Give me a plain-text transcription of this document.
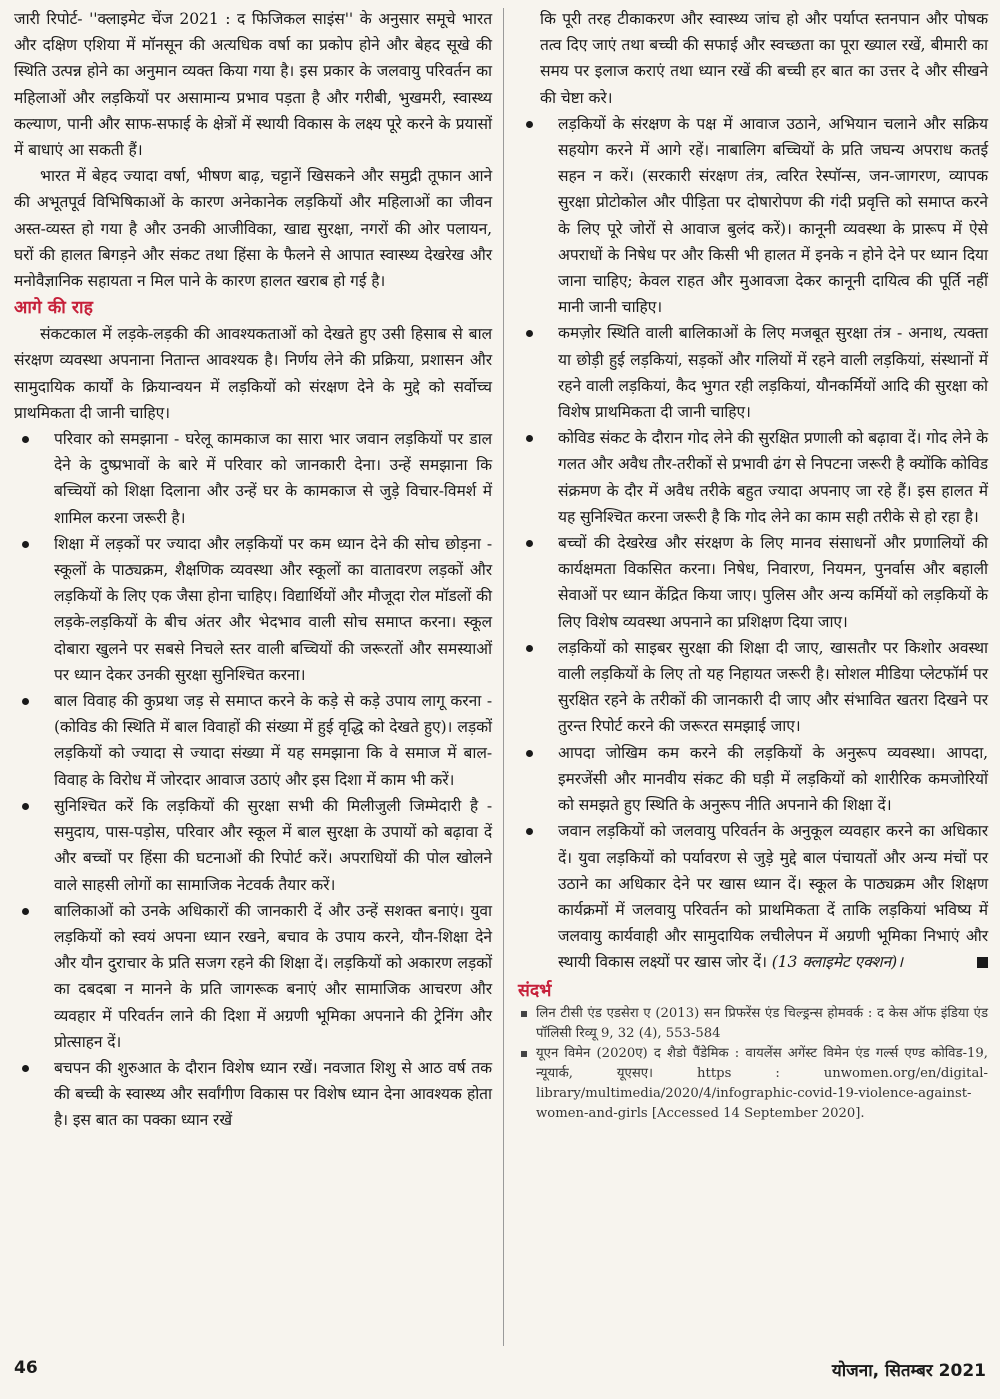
जारी रिपोर्ट- ''क्लाइमेट चेंज 2021 : द फिजिकल साइंस'' के अनुसार समूचे भारत और दक्षिण एशिया में मॉनसून की अत्यधिक वर्षा का प्रकोप होने और बेहद सूखे की स्थिति उत्पन्न होने का अनुमान व्यक्त किया गया है। इस प्रकार के जलवायु परिवर्तन का महिलाओं और लड़कियों पर असामान्य प्रभाव पड़ता है और गरीबी, भुखमरी, स्वास्थ्य कल्याण, पानी और साफ-सफाई के क्षेत्रों में स्थायी विकास के लक्ष्य पूरे करने के प्रयासों में बाधाएं आ सकती हैं।

भारत में बेहद ज्यादा वर्षा, भीषण बाढ़, चट्टानें खिसकने और समुद्री तूफान आने की अभूतपूर्व विभिषिकाओं के कारण अनेकानेक लड़कियों और महिलाओं का जीवन अस्त-व्यस्त हो गया है और उनकी आजीविका, खाद्य सुरक्षा, नगरों की ओर पलायन, घरों की हालत बिगड़ने और संकट तथा हिंसा के फैलने से आपात स्वास्थ्य देखरेख और मनोवैज्ञानिक सहायता न मिल पाने के कारण हालत खराब हो गई है।

आगे की राह

संकटकाल में लड़के-लड़की की आवश्यकताओं को देखते हुए उसी हिसाब से बाल संरक्षण व्यवस्था अपनाना नितान्त आवश्यक है। निर्णय लेने की प्रक्रिया, प्रशासन और सामुदायिक कार्यों के क्रियान्वयन में लड़कियों को संरक्षण देने के मुद्दे को सर्वोच्च प्राथमिकता दी जानी चाहिए।

परिवार को समझाना - घरेलू कामकाज का सारा भार जवान लड़कियों पर डाल देने के दुष्प्रभावों के बारे में परिवार को जानकारी देना। उन्हें समझाना कि बच्चियों को शिक्षा दिलाना और उन्हें घर के कामकाज से जुड़े विचार-विमर्श में शामिल करना जरूरी है।
शिक्षा में लड़कों पर ज्यादा और लड़कियों पर कम ध्यान देने की सोच छोड़ना - स्कूलों के पाठ्यक्रम, शैक्षणिक व्यवस्था और स्कूलों का वातावरण लड़कों और लड़कियों के लिए एक जैसा होना चाहिए। विद्यार्थियों और मौजूदा रोल मॉडलों की लड़के-लड़कियों के बीच अंतर और भेदभाव वाली सोच समाप्त करना। स्कूल दोबारा खुलने पर सबसे निचले स्तर वाली बच्चियों की जरूरतों और समस्याओं पर ध्यान देकर उनकी सुरक्षा सुनिश्चित करना।
बाल विवाह की कुप्रथा जड़ से समाप्त करने के कड़े से कड़े उपाय लागू करना - (कोविड की स्थिति में बाल विवाहों की संख्या में हुई वृद्धि को देखते हुए)। लड़कों लड़कियों को ज्यादा से ज्यादा संख्या में यह समझाना कि वे समाज में बाल-विवाह के विरोध में जोरदार आवाज उठाएं और इस दिशा में काम भी करें।
सुनिश्चित करें कि लड़कियों की सुरक्षा सभी की मिलीजुली जिम्मेदारी है - समुदाय, पास-पड़ोस, परिवार और स्कूल में बाल सुरक्षा के उपायों को बढ़ावा दें और बच्चों पर हिंसा की घटनाओं की रिपोर्ट करें। अपराधियों की पोल खोलने वाले साहसी लोगों का सामाजिक नेटवर्क तैयार करें।
बालिकाओं को उनके अधिकारों की जानकारी दें और उन्हें सशक्त बनाएं। युवा लड़कियों को स्वयं अपना ध्यान रखने, बचाव के उपाय करने, यौन-शिक्षा देने और यौन दुराचार के प्रति सजग रहने की शिक्षा दें। लड़कियों को अकारण लड़कों का दबदबा न मानने के प्रति जागरूक बनाएं और सामाजिक आचरण और व्यवहार में परिवर्तन लाने की दिशा में अग्रणी भूमिका अपनाने की ट्रेनिंग और प्रोत्साहन दें।
बचपन की शुरुआत के दौरान विशेष ध्यान रखें। नवजात शिशु से आठ वर्ष तक की बच्ची के स्वास्थ्य और सर्वांगीण विकास पर विशेष ध्यान देना आवश्यक होता है। इस बात का पक्का ध्यान रखें

कि पूरी तरह टीकाकरण और स्वास्थ्य जांच हो और पर्याप्त स्तनपान और पोषक तत्व दिए जाएं तथा बच्ची की सफाई और स्वच्छता का पूरा ख्याल रखें, बीमारी का समय पर इलाज कराएं तथा ध्यान रखें की बच्ची हर बात का उत्तर दे और सीखने की चेष्टा करे।

लड़कियों के संरक्षण के पक्ष में आवाज उठाने, अभियान चलाने और सक्रिय सहयोग करने में आगे रहें। नाबालिग बच्चियों के प्रति जघन्य अपराध कतई सहन न करें। (सरकारी संरक्षण तंत्र, त्वरित रेस्पॉन्स, जन-जागरण, व्यापक सुरक्षा प्रोटोकोल और पीड़िता पर दोषारोपण की गंदी प्रवृत्ति को समाप्त करने के लिए पूरे जोरों से आवाज बुलंद करें)। कानूनी व्यवस्था के प्रारूप में ऐसे अपराधों के निषेध पर और किसी भी हालत में इनके न होने देने पर ध्यान दिया जाना चाहिए; केवल राहत और मुआवजा देकर कानूनी दायित्व की पूर्ति नहीं मानी जानी चाहिए।
कमज़ोर स्थिति वाली बालिकाओं के लिए मजबूत सुरक्षा तंत्र - अनाथ, त्यक्ता या छोड़ी हुई लड़कियां, सड़कों और गलियों में रहने वाली लड़कियां, संस्थानों में रहने वाली लड़कियां, कैद भुगत रही लड़कियां, यौनकर्मियों आदि की सुरक्षा को विशेष प्राथमिकता दी जानी चाहिए।
कोविड संकट के दौरान गोद लेने की सुरक्षित प्रणाली को बढ़ावा दें। गोद लेने के गलत और अवैध तौर-तरीकों से प्रभावी ढंग से निपटना जरूरी है क्योंकि कोविड संक्रमण के दौर में अवैध तरीके बहुत ज्यादा अपनाए जा रहे हैं। इस हालत में यह सुनिश्चित करना जरूरी है कि गोद लेने का काम सही तरीके से हो रहा है।
बच्चों की देखरेख और संरक्षण के लिए मानव संसाधनों और प्रणालियों की कार्यक्षमता विकसित करना। निषेध, निवारण, नियमन, पुनर्वास और बहाली सेवाओं पर ध्यान केंद्रित किया जाए। पुलिस और अन्य कर्मियों को लड़कियों के लिए विशेष व्यवस्था अपनाने का प्रशिक्षण दिया जाए।
लड़कियों को साइबर सुरक्षा की शिक्षा दी जाए, खासतौर पर किशोर अवस्था वाली लड़कियों के लिए तो यह निहायत जरूरी है। सोशल मीडिया प्लेटफॉर्म पर सुरक्षित रहने के तरीकों की जानकारी दी जाए और संभावित खतरा दिखने पर तुरन्त रिपोर्ट करने की जरूरत समझाई जाए।
आपदा जोखिम कम करने की लड़कियों के अनुरूप व्यवस्था। आपदा, इमरजेंसी और मानवीय संकट की घड़ी में लड़कियों को शारीरिक कमजोरियों को समझते हुए स्थिति के अनुरूप नीति अपनाने की शिक्षा दें।
जवान लड़कियों को जलवायु परिवर्तन के अनुकूल व्यवहार करने का अधिकार दें। युवा लड़कियों को पर्यावरण से जुड़े मुद्दे बाल पंचायतों और अन्य मंचों पर उठाने का अधिकार देने पर खास ध्यान दें। स्कूल के पाठ्यक्रम और शिक्षण कार्यक्रमों में जलवायु परिवर्तन को प्राथमिकता दें ताकि लड़कियां भविष्य में जलवायु कार्यवाही और सामुदायिक लचीलेपन में अग्रणी भूमिका निभाएं और स्थायी विकास लक्ष्यों पर खास जोर दें। (13 क्लाइमेट एक्शन)।
संदर्भ
लिन टीसी एंड एडसेरा ए (2013) सन प्रिफरेंस एंड चिल्ड्रन्स होमवर्क : द केस ऑफ इंडिया एंड पॉलिसी रिव्यू 9, 32 (4), 553-584
यूएन विमेन (2020ए) द शैडो पैंडेमिक : वायलेंस अगेंस्ट विमेन एंड गर्ल्स एण्ड कोविड-19, न्यूयार्क, यूएसए। https : unwomen.org/en/digital-library/multimedia/2020/4/infographic-covid-19-violence-against-women-and-girls [Accessed 14 September 2020].
46	योजना, सितम्बर 2021
